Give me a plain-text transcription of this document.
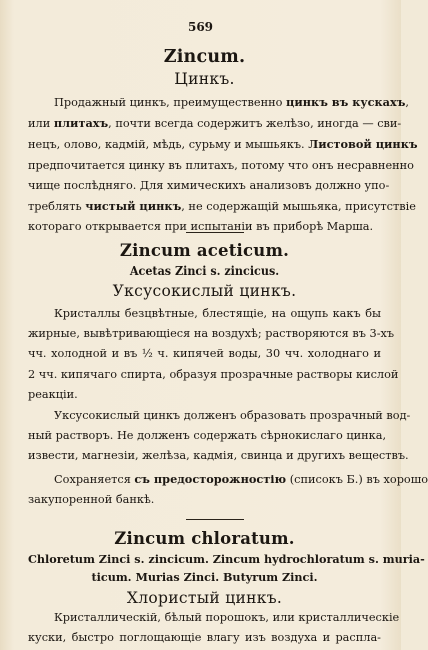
569
Zincum.
Цинкъ.
Продажный цинкъ, преимущественно цинкъ въ кускахъ,
или плитахъ, почти всегда содержитъ желѣзо, иногда — сви-
нецъ, олово, кадмій, мѣдь, сурьму и мышьякъ. Листовой цинкъ
предпочитается цинку въ плитахъ, потому что онъ несравненно
чище послѣдняго. Для химическихъ анализовъ должно упо-
треблять чистый цинкъ, не содержащій мышьяка, присутствіе
котораго открывается при испытаніи въ приборѣ Марша.
Zincum aceticum.
Acetas Zinci s. zincicus.
Уксусокислый цинкъ.
Кристаллы безцвѣтные, блестящіе, на ощупь какъ бы
жирные, вывѣтривающіеся на воздухѣ; растворяются въ 3-хъ
чч. холодной и въ ½ ч. кипячей воды, 30 чч. холоднаго и
2 чч. кипячаго спирта, образуя прозрачные растворы кислой
реакціи.
Уксусокислый цинкъ долженъ образовать прозрачный вод-
ный растворъ. Не долженъ содержать сѣрнокислаго цинка,
извести, магнезіи, желѣза, кадмія, свинца и другихъ веществъ.
Сохраняется съ предосторожностію (списокъ Б.) въ хорошо
закупоренной банкѣ.
Zincum chloratum.
Chloretum Zinci s. zincicum. Zincum hydrochloratum s. muria-
ticum. Murias Zinci. Butyrum Zinci.
Хлористый цинкъ.
Кристаллическій, бѣлый порошокъ, или кристаллическіе
куски, быстро поглощающіе влагу изъ воздуха и распла-
